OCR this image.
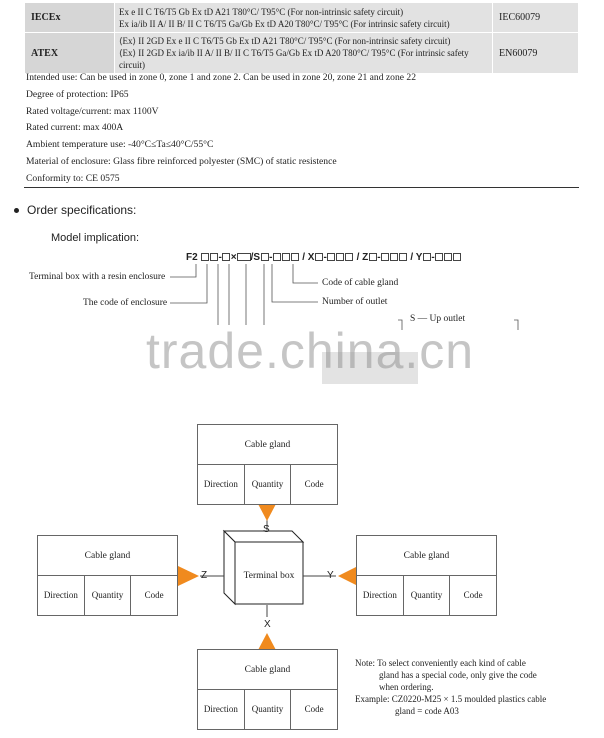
IECEx	Ex e II C T6/T5 Gb Ex tD A21 T80°C/ T95°C (For non-intrinsic safety circuit)
Ex ia/ib II A/ II B/ II C T6/T5 Ga/Gb Ex tD A20 T80°C/ T95°C (For intrinsic safety circuit)	IEC60079
ATEX	⟨Ex⟩ II 2GD Ex e II C T6/T5 Gb Ex tD A21 T80°C/ T95°C (For non-intrinsic safety circuit)
⟨Ex⟩ II 2GD Ex ia/ib II A/ II B/ II C T6/T5 Ga/Gb Ex tD A20 T80°C/ T95°C (For intrinsic safety circuit)	EN60079
Intended use: Can be used in zone 0, zone 1 and zone 2. Can be used in zone 20, zone 21 and zone 22
Degree of protection: IP65
Rated voltage/current: max 1100V
Rated current: max 400A
Ambient temperature use: -40°C≤Ta≤40°C/55°C
Material of enclosure: Glass fibre reinforced polyester (SMC) of static resistence
Conformity to: CE 0575
Order specifications:
Model implication:
F2 - × /S -	/ X -	/ Z -	/ Y -
Terminal box with a resin enclosure
The code of enclosure
Code of cable gland
Number of outlet
S — Up outlet
trade.china.cn
Cable gland
Direction	Quantity	Code
Cable gland
Direction	Quantity	Code
Cable gland
Direction	Quantity	Code
Cable gland
Direction	Quantity	Code
S
Z	Y
X
Terminal box
Note: To select conveniently each kind of cable
gland has a special code, only give the code
when ordering.
Example: CZ0220-M25 × 1.5 moulded plastics cable
gland = code A03
